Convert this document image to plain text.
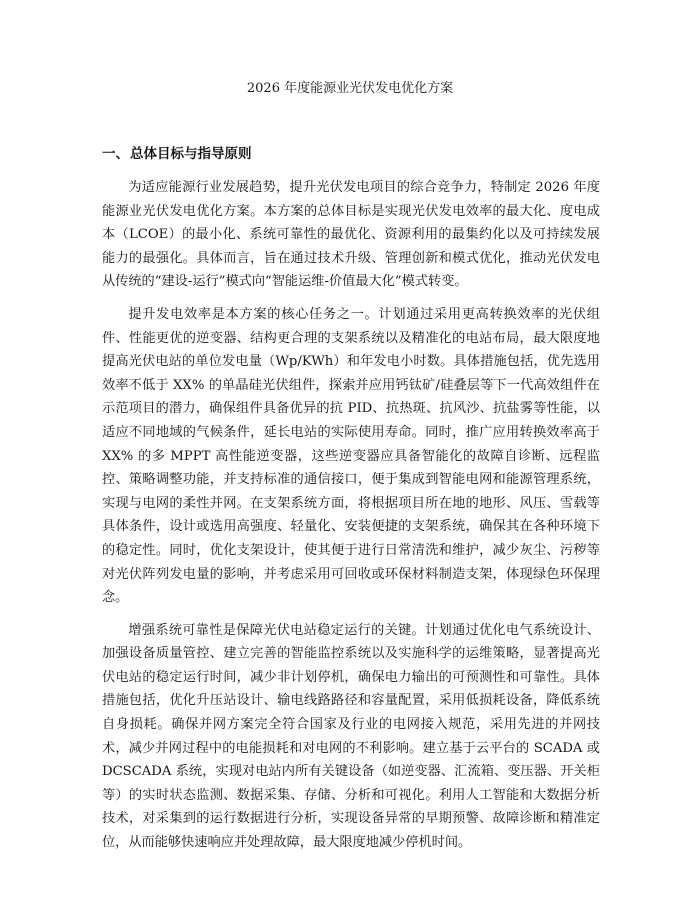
2026 年度能源业光伏发电优化方案
一、总体目标与指导原则

为适应能源行业发展趋势，提升光伏发电项目的综合竞争力，特制定 2026 年度能源业光伏发电优化方案。本方案的总体目标是实现光伏发电效率的最大化、度电成本（LCOE）的最小化、系统可靠性的最优化、资源利用的最集约化以及可持续发展能力的最强化。具体而言，旨在通过技术升级、管理创新和模式优化，推动光伏发电从传统的“建设-运行”模式向“智能运维-价值最大化”模式转变。

提升发电效率是本方案的核心任务之一。计划通过采用更高转换效率的光伏组件、性能更优的逆变器、结构更合理的支架系统以及精准化的电站布局，最大限度地提高光伏电站的单位发电量（Wp/KWh）和年发电小时数。具体措施包括，优先选用效率不低于 XX% 的单晶硅光伏组件，探索并应用钙钛矿/硅叠层等下一代高效组件在示范项目的潜力，确保组件具备优异的抗 PID、抗热斑、抗风沙、抗盐雾等性能，以适应不同地域的气候条件，延长电站的实际使用寿命。同时，推广应用转换效率高于 XX% 的多 MPPT 高性能逆变器，这些逆变器应具备智能化的故障自诊断、远程监控、策略调整功能，并支持标准的通信接口，便于集成到智能电网和能源管理系统，实现与电网的柔性并网。在支架系统方面，将根据项目所在地的地形、风压、雪载等具体条件，设计或选用高强度、轻量化、安装便捷的支架系统，确保其在各种环境下的稳定性。同时，优化支架设计，使其便于进行日常清洗和维护，减少灰尘、污秽等对光伏阵列发电量的影响，并考虑采用可回收或环保材料制造支架，体现绿色环保理念。

增强系统可靠性是保障光伏电站稳定运行的关键。计划通过优化电气系统设计、加强设备质量管控、建立完善的智能监控系统以及实施科学的运维策略，显著提高光伏电站的稳定运行时间，减少非计划停机，确保电力输出的可预测性和可靠性。具体措施包括，优化升压站设计、输电线路路径和容量配置，采用低损耗设备，降低系统自身损耗。确保并网方案完全符合国家及行业的电网接入规范，采用先进的并网技术，减少并网过程中的电能损耗和对电网的不利影响。建立基于云平台的 SCADA 或 DCSCADA 系统，实现对电站内所有关键设备（如逆变器、汇流箱、变压器、开关柜等）的实时状态监测、数据采集、存储、分析和可视化。利用人工智能和大数据分析技术，对采集到的运行数据进行分析，实现设备异常的早期预警、故障诊断和精准定位，从而能够快速响应并处理故障，最大限度地减少停机时间。
